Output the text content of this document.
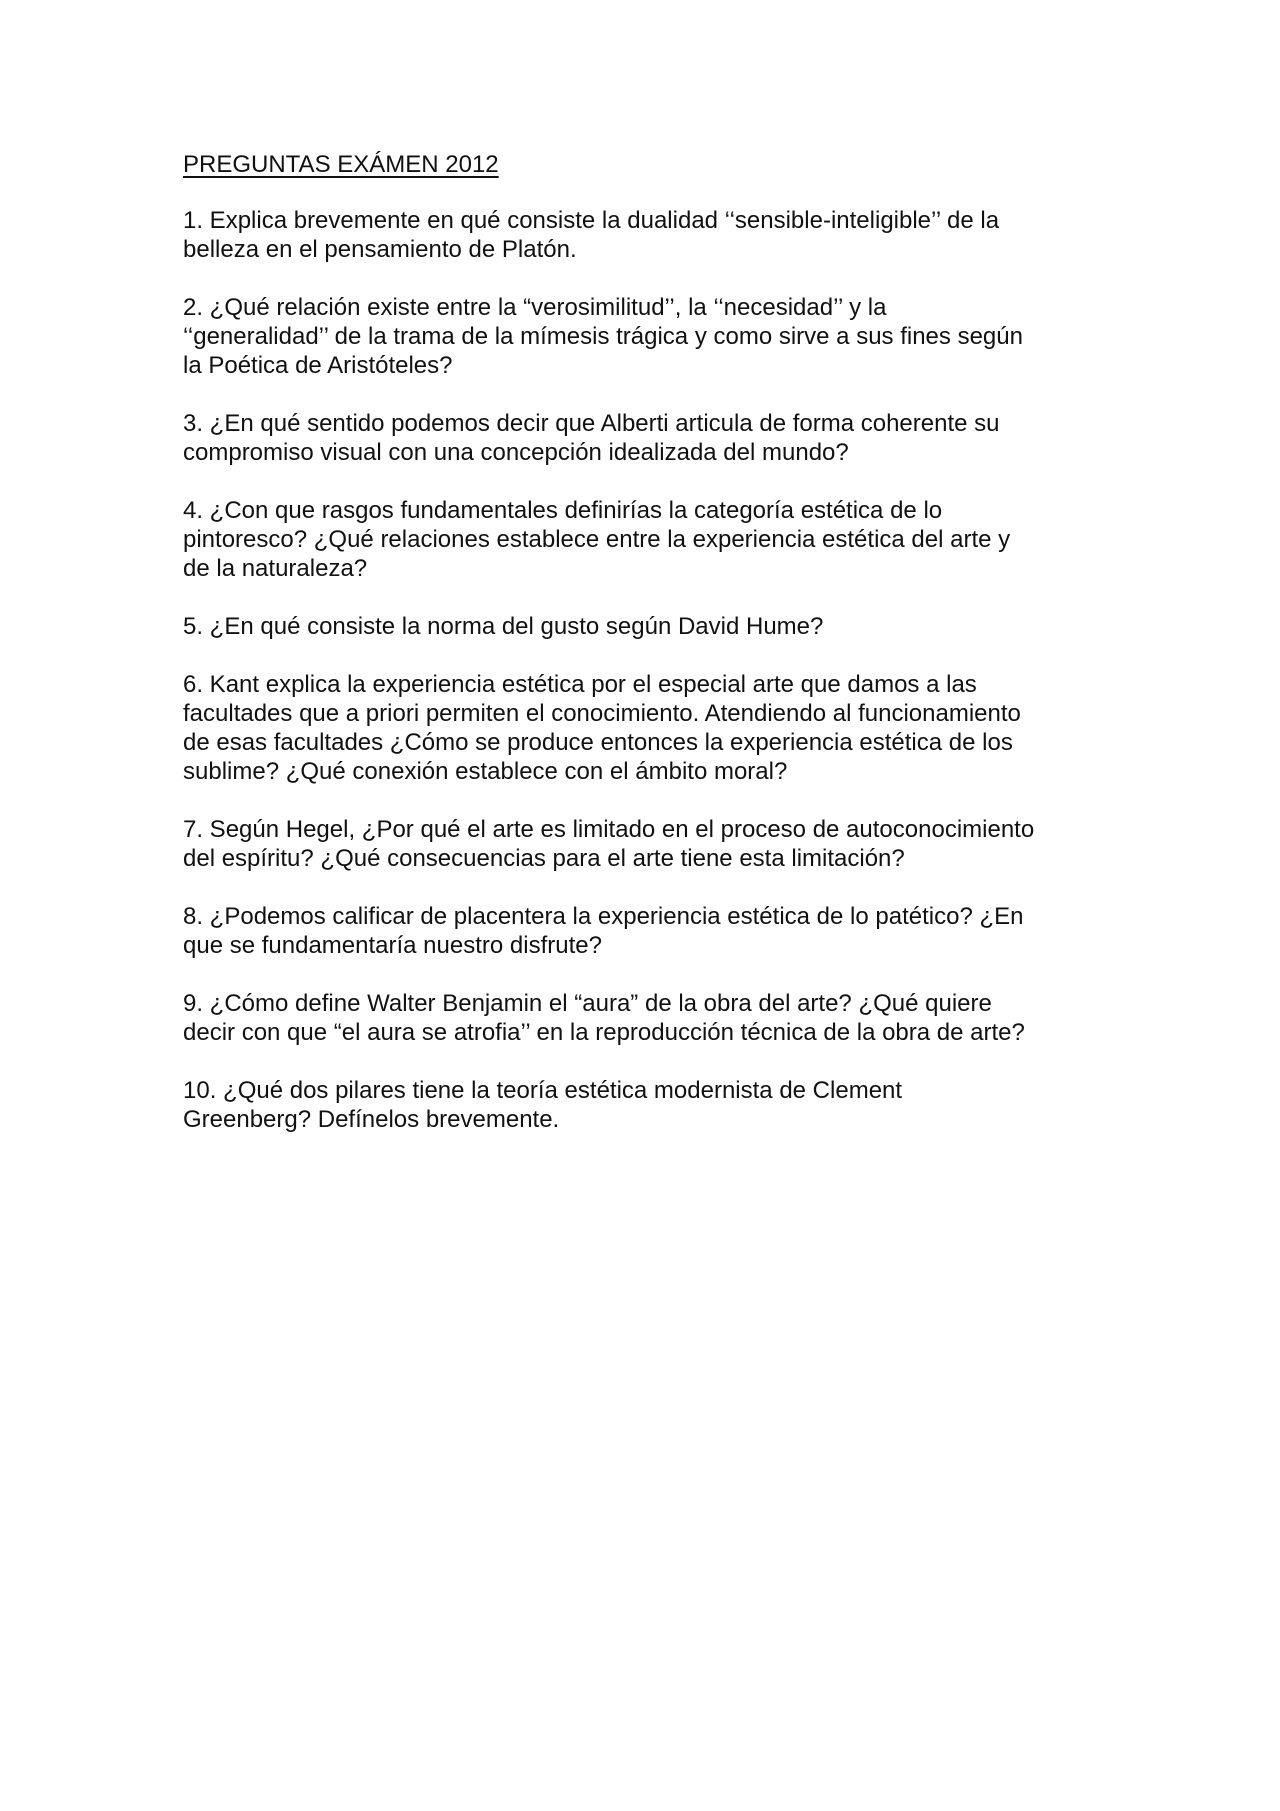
PREGUNTAS EXÁMEN 2012
1. Explica brevemente en qué consiste la dualidad ‘‘sensible-inteligible’’ de la
belleza en el pensamiento de Platón.
2. ¿Qué relación existe entre la “verosimilitud’’, la ‘‘necesidad’’ y la
‘‘generalidad’’ de la trama de la mímesis trágica y como sirve a sus fines según
la Poética de Aristóteles?
3. ¿En qué sentido podemos decir que Alberti articula de forma coherente su
compromiso visual con una concepción idealizada del mundo?
4. ¿Con que rasgos fundamentales definirías la categoría estética de lo
pintoresco? ¿Qué relaciones establece entre la experiencia estética del arte y
de la naturaleza?
5. ¿En qué consiste la norma del gusto según David Hume?
6. Kant explica la experiencia estética por el especial arte que damos a las
facultades que a priori permiten el conocimiento. Atendiendo al funcionamiento
de esas facultades ¿Cómo se produce entonces la experiencia estética de los
sublime? ¿Qué conexión establece con el ámbito moral?
7. Según Hegel, ¿Por qué el arte es limitado en el proceso de autoconocimiento
del espíritu? ¿Qué consecuencias para el arte tiene esta limitación?
8. ¿Podemos calificar de placentera la experiencia estética de lo patético? ¿En
que se fundamentaría nuestro disfrute?
9. ¿Cómo define Walter Benjamin el “aura” de la obra del arte? ¿Qué quiere
decir con que “el aura se atrofia’’ en la reproducción técnica de la obra de arte?
10. ¿Qué dos pilares tiene la teoría estética modernista de Clement
Greenberg? Defínelos brevemente.
